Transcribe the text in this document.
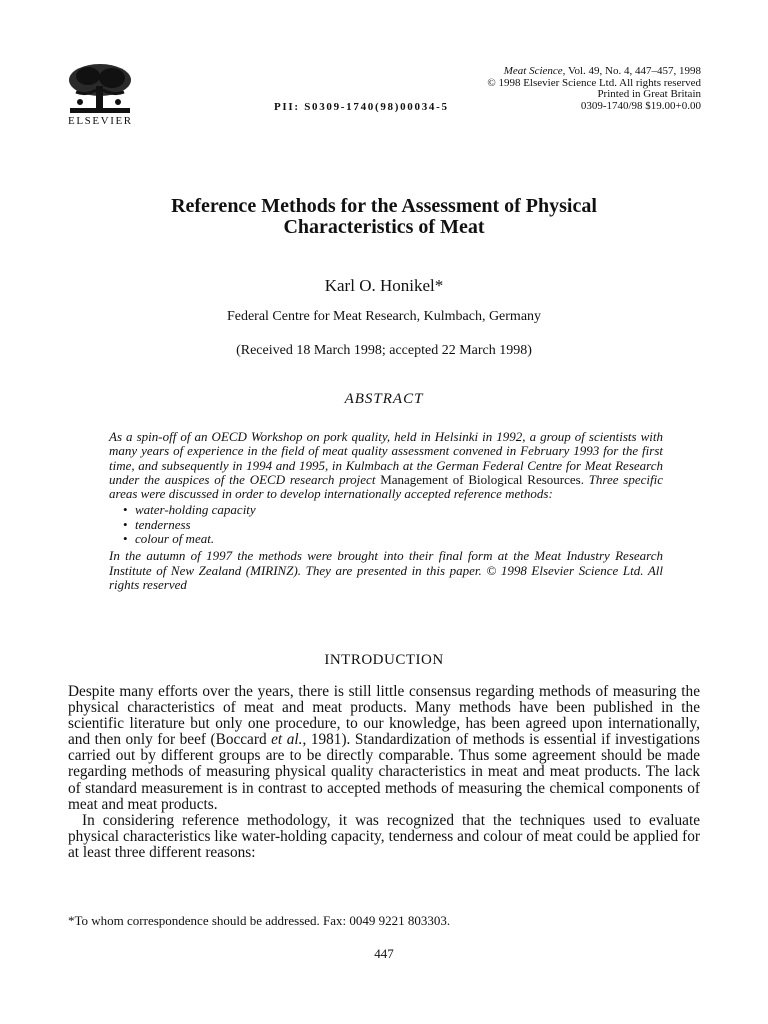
ELSEVIER
PII: S0309-1740(98)00034-5
Meat Science, Vol. 49, No. 4, 447–457, 1998
© 1998 Elsevier Science Ltd. All rights reserved
Printed in Great Britain
0309-1740/98 $19.00+0.00
Reference Methods for the Assessment of Physical
Characteristics of Meat
Karl O. Honikel*
Federal Centre for Meat Research, Kulmbach, Germany
(Received 18 March 1998; accepted 22 March 1998)
ABSTRACT

As a spin-off of an OECD Workshop on pork quality, held in Helsinki in 1992, a group of scientists with many years of experience in the field of meat quality assessment convened in February 1993 for the first time, and subsequently in 1994 and 1995, in Kulmbach at the German Federal Centre for Meat Research under the auspices of the OECD research project Management of Biological Resources. Three specific areas were discussed in order to develop internationally accepted reference methods:

• water-holding capacity
• tenderness
• colour of meat.

In the autumn of 1997 the methods were brought into their final form at the Meat Industry Research Institute of New Zealand (MIRINZ). They are presented in this paper. © 1998 Elsevier Science Ltd. All rights reserved

INTRODUCTION

Despite many efforts over the years, there is still little consensus regarding methods of measuring the physical characteristics of meat and meat products. Many methods have been published in the scientific literature but only one procedure, to our knowledge, has been agreed upon internationally, and then only for beef (Boccard et al., 1981). Standardization of methods is essential if investigations carried out by different groups are to be directly comparable. Thus some agreement should be made regarding methods of measuring physical quality characteristics in meat and meat products. The lack of standard measurement is in contrast to accepted methods of measuring the chemical components of meat and meat products.

In considering reference methodology, it was recognized that the techniques used to evaluate physical characteristics like water-holding capacity, tenderness and colour of meat could be applied for at least three different reasons:

*To whom correspondence should be addressed. Fax: 0049 9221 803303.
447
